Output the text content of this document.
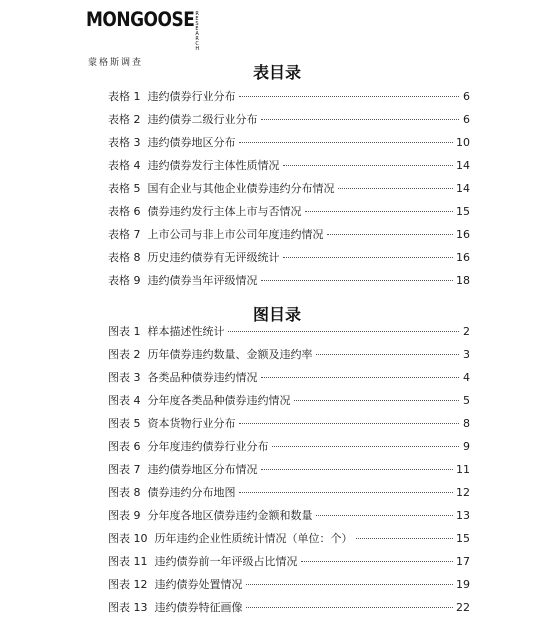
MONGOOSE RESEARCH
蒙格斯调查	表目录
表格 1 违约债券行业分布	6
表格 2 违约债券二级行业分布	6
表格 3 违约债券地区分布	10
表格 4 违约债券发行主体性质情况	14
表格 5 国有企业与其他企业债券违约分布情况	14
表格 6 债券违约发行主体上市与否情况	15
表格 7 上市公司与非上市公司年度违约情况	16
表格 8 历史违约债券有无评级统计	16
表格 9 违约债券当年评级情况	18
图目录
图表 1 样本描述性统计	2
图表 2 历年债券违约数量、金额及违约率	3
图表 3 各类品种债券违约情况	4
图表 4 分年度各类品种债券违约情况	5
图表 5 资本货物行业分布	8
图表 6 分年度违约债券行业分布	9
图表 7 违约债券地区分布情况	11
图表 8 债券违约分布地图	12
图表 9 分年度各地区债券违约金额和数量	13
图表 10 历年违约企业性质统计情况（单位：个）	15
图表 11 违约债券前一年评级占比情况	17
图表 12 违约债券处置情况	19
图表 13 违约债券特征画像	22
